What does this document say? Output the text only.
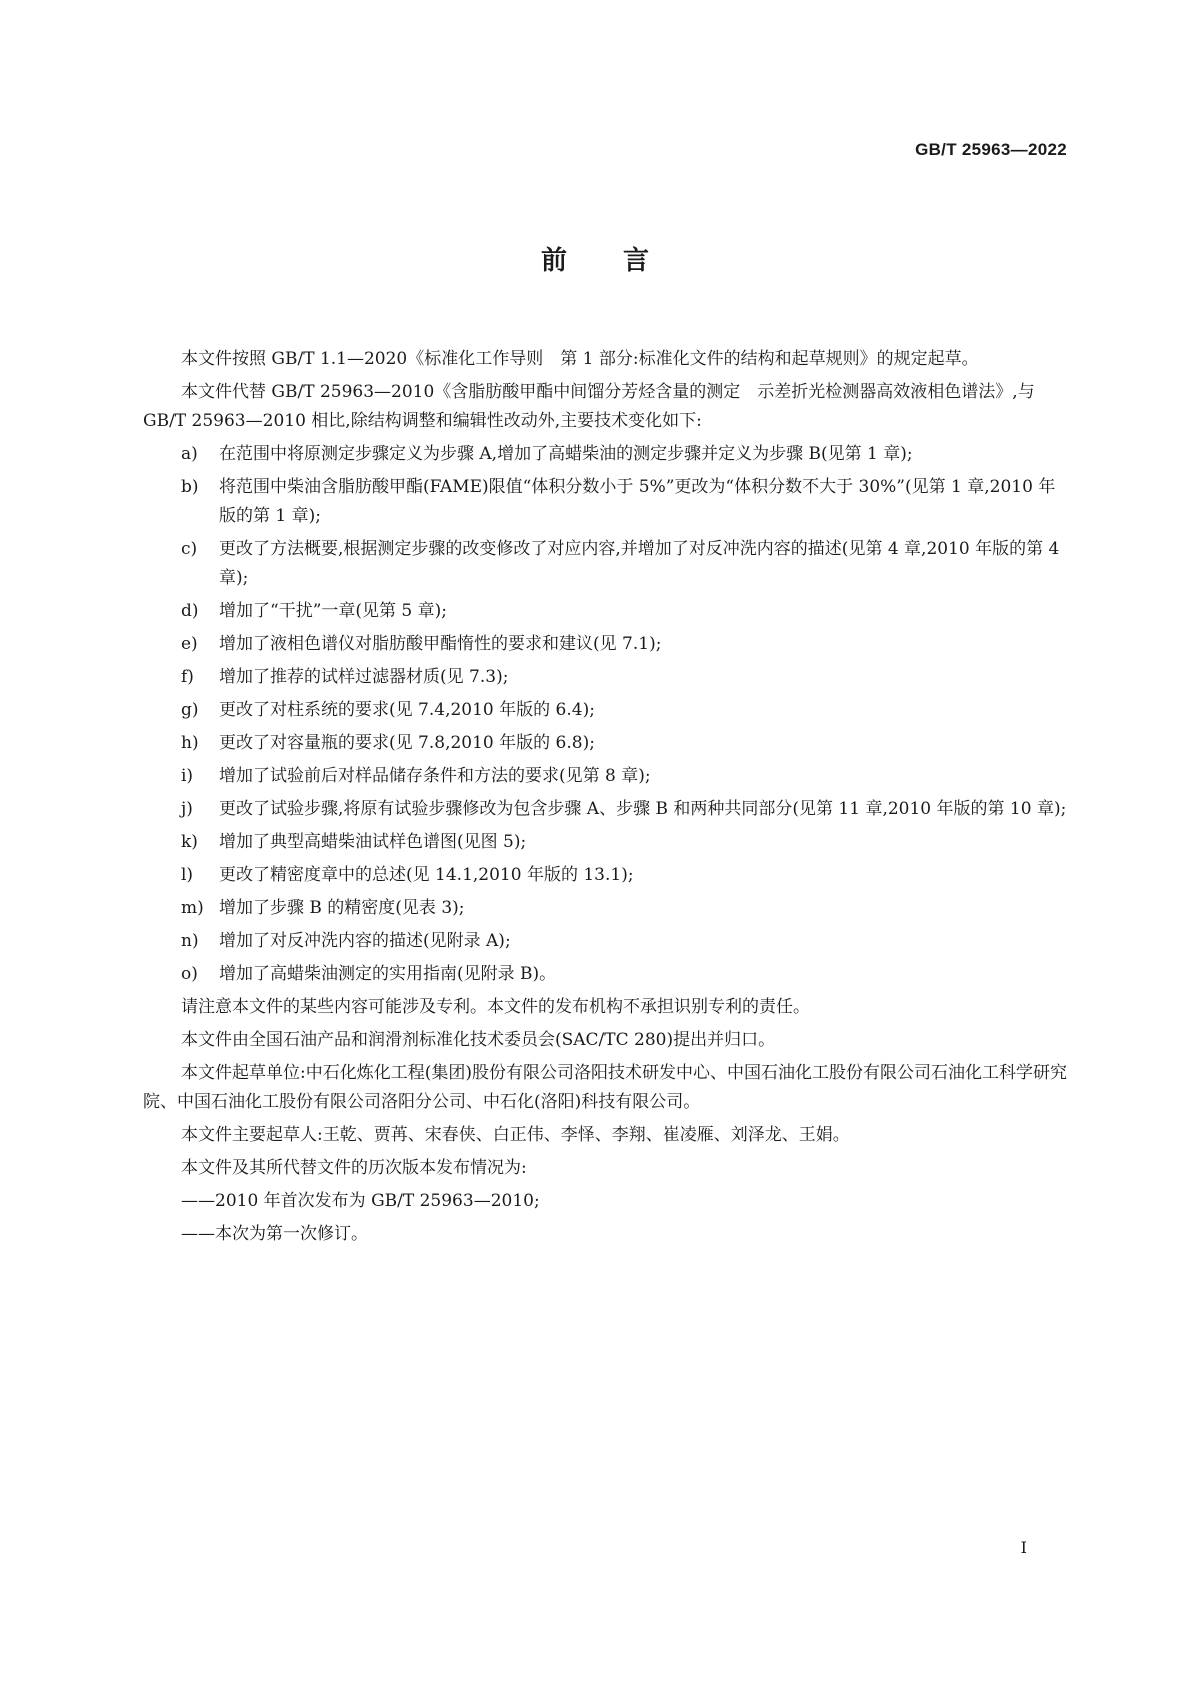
GB/T 25963—2022
前 言

本文件按照 GB/T 1.1—2020《标准化工作导则　第 1 部分:标准化文件的结构和起草规则》的规定起草。

本文件代替 GB/T 25963—2010《含脂肪酸甲酯中间馏分芳烃含量的测定　示差折光检测器高效液相色谱法》,与 GB/T 25963—2010 相比,除结构调整和编辑性改动外,主要技术变化如下:

a)	在范围中将原测定步骤定义为步骤 A,增加了高蜡柴油的测定步骤并定义为步骤 B(见第 1 章);
b)	将范围中柴油含脂肪酸甲酯(FAME)限值“体积分数小于 5%”更改为“体积分数不大于 30%”(见第 1 章,2010 年版的第 1 章);
c)	更改了方法概要,根据测定步骤的改变修改了对应内容,并增加了对反冲洗内容的描述(见第 4 章,2010 年版的第 4 章);
d)	增加了“干扰”一章(见第 5 章);
e)	增加了液相色谱仪对脂肪酸甲酯惰性的要求和建议(见 7.1);
f)	增加了推荐的试样过滤器材质(见 7.3);
g)	更改了对柱系统的要求(见 7.4,2010 年版的 6.4);
h)	更改了对容量瓶的要求(见 7.8,2010 年版的 6.8);
i)	增加了试验前后对样品储存条件和方法的要求(见第 8 章);
j)	更改了试验步骤,将原有试验步骤修改为包含步骤 A、步骤 B 和两种共同部分(见第 11 章,2010 年版的第 10 章);
k)	增加了典型高蜡柴油试样色谱图(见图 5);
l)	更改了精密度章中的总述(见 14.1,2010 年版的 13.1);
m) 增加了步骤 B 的精密度(见表 3);
n)	增加了对反冲洗内容的描述(见附录 A);
o)	增加了高蜡柴油测定的实用指南(见附录 B)。

请注意本文件的某些内容可能涉及专利。本文件的发布机构不承担识别专利的责任。

本文件由全国石油产品和润滑剂标准化技术委员会(SAC/TC 280)提出并归口。

本文件起草单位:中石化炼化工程(集团)股份有限公司洛阳技术研发中心、中国石油化工股份有限公司石油化工科学研究院、中国石油化工股份有限公司洛阳分公司、中石化(洛阳)科技有限公司。

本文件主要起草人:王乾、贾苒、宋春侠、白正伟、李怿、李翔、崔凌雁、刘泽龙、王娟。

本文件及其所代替文件的历次版本发布情况为:

——2010 年首次发布为 GB/T 25963—2010;

——本次为第一次修订。

I
